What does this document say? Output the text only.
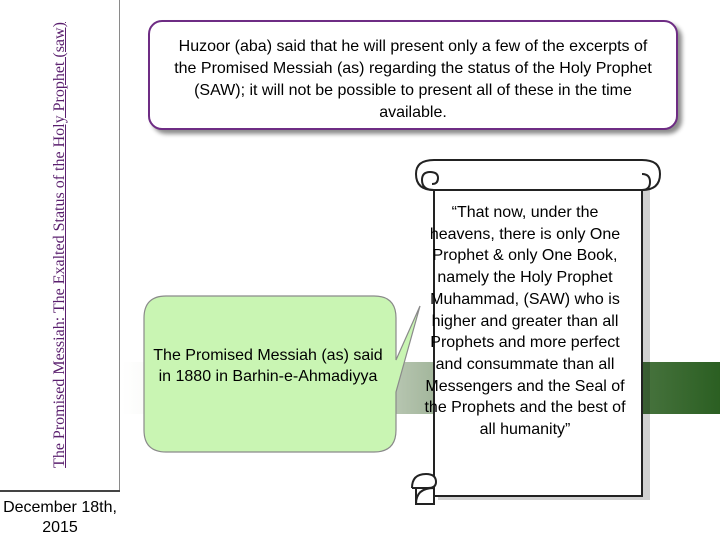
The Promised Messiah: The Exalted Status of the Holy Prophet (saw)
December 18th, 2015
Huzoor (aba) said that he will present only a few of the excerpts of the Promised Messiah (as) regarding the status of the Holy Prophet (SAW); it will not be possible to present all of these in the time available.
The Promised Messiah (as) said in 1880 in Barhin-e-Ahmadiyya
“That now, under the heavens, there is only One Prophet & only One Book, namely the Holy Prophet Muhammad, (SAW) who is higher and greater than all Prophets and more perfect and consummate than all Messengers and the Seal of the Prophets and the best of all humanity”
